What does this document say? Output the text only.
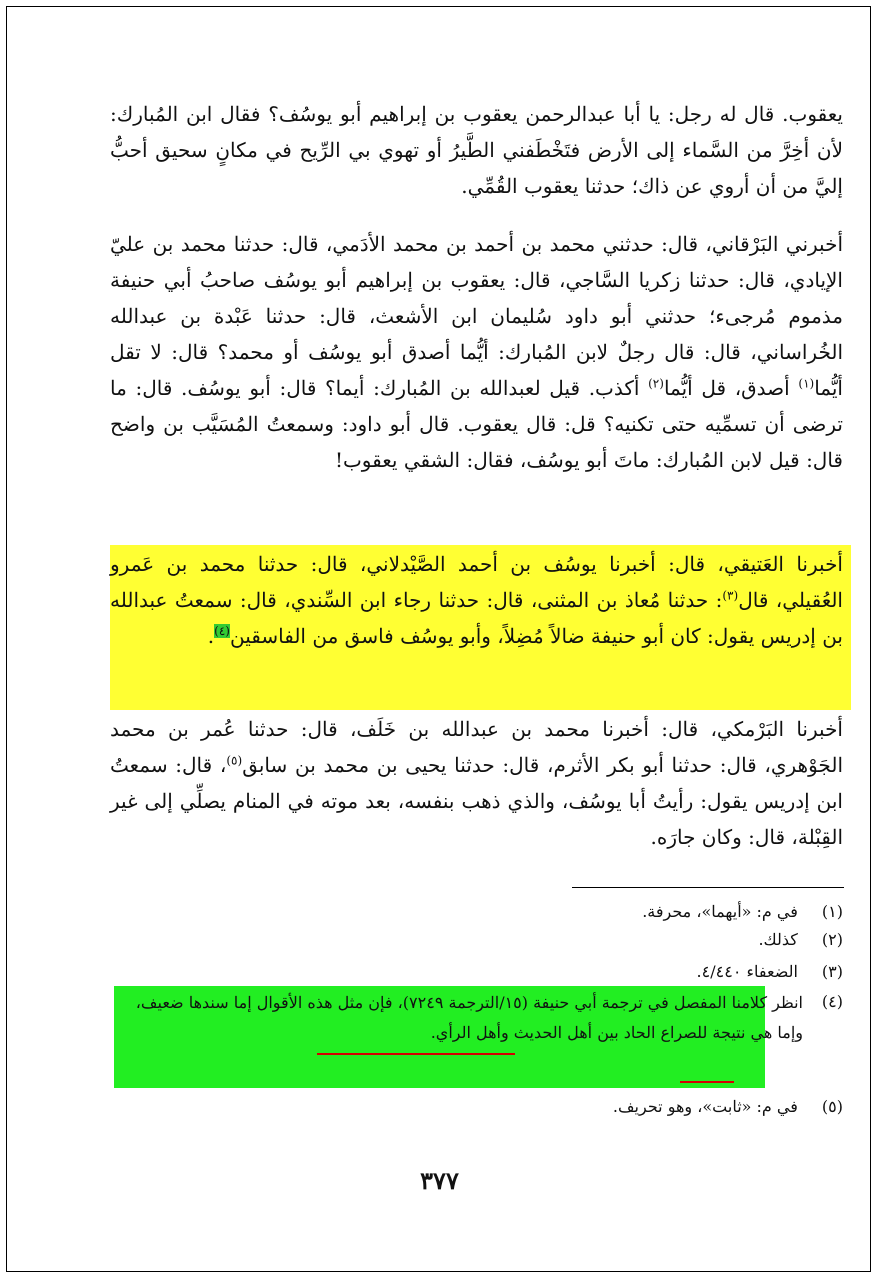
يعقوب. قال له رجل: يا أبا عبدالرحمن يعقوب بن إبراهيم أبو يوسُف؟ فقال ابن المُبارك: لأن أخِرَّ من السَّماء إلى الأرض فتَخْطَفني الطَّيرُ أو تهوي بي الرِّيح في مكانٍ سحيق أحبُّ إليَّ من أن أروي عن ذاك؛ حدثنا يعقوب القُمِّي.
أخبرني البَرْقاني، قال: حدثني محمد بن أحمد بن محمد الأدَمي، قال: حدثنا محمد بن عليّ الإيادي، قال: حدثنا زكريا السَّاجي، قال: يعقوب بن إبراهيم أبو يوسُف صاحبُ أبي حنيفة مذموم مُرجىء؛ حدثني أبو داود سُليمان ابن الأشعث، قال: حدثنا عَبْدة بن عبدالله الخُراساني، قال: قال رجلٌ لابن المُبارك: أيُّما أصدق أبو يوسُف أو محمد؟ قال: لا تقل أيُّما$^{(١)}$ أصدق، قل أيُّما$^{(٢)}$ أكذب. قيل لعبدالله بن المُبارك: أيما؟ قال: أبو يوسُف. قال: ما ترضى أن تسمِّيه حتى تكنيه؟ قل: قال يعقوب. قال أبو داود: وسمعتُ المُسَيَّب بن واضح قال: قيل لابن المُبارك: ماتَ أبو يوسُف، فقال: الشقي يعقوب!
أخبرنا العَتيقي، قال: أخبرنا يوسُف بن أحمد الصَّيْدلاني، قال: حدثنا محمد بن عَمرو العُقيلي، قال$^{(٣)}$: حدثنا مُعاذ بن المثنى، قال: حدثنا رجاء ابن السِّندي، قال: سمعتُ عبدالله بن إدريس يقول: كان أبو حنيفة ضالاً مُضِلاً، وأبو يوسُف فاسق من الفاسقين$^{(٤)}$.
أخبرنا البَرْمكي، قال: أخبرنا محمد بن عبدالله بن خَلَف، قال: حدثنا عُمر بن محمد الجَوْهري، قال: حدثنا أبو بكر الأثرم، قال: حدثنا يحيى بن محمد بن سابق$^{(٥)}$، قال: سمعتُ ابن إدريس يقول: رأيتُ أبا يوسُف، والذي ذهب بنفسه، بعد موته في المنام يصلِّي إلى غير القِبْلة، قال: وكان جارَه.
(١) في م: «أيهما»، محرفة.
(٢) كذلك.
(٣) الضعفاء ٤/٤٤٠.
(٤)
انظر كلامنا المفصل في ترجمة أبي حنيفة (١٥/الترجمة ٧٢٤٩)، فإن مثل هذه الأقوال إما سندها ضعيف، وإما هي نتيجة للصراع الحاد بين أهل الحديث وأهل الرأي.
(٥) في م: «ثابت»، وهو تحريف.
٣٧٧
